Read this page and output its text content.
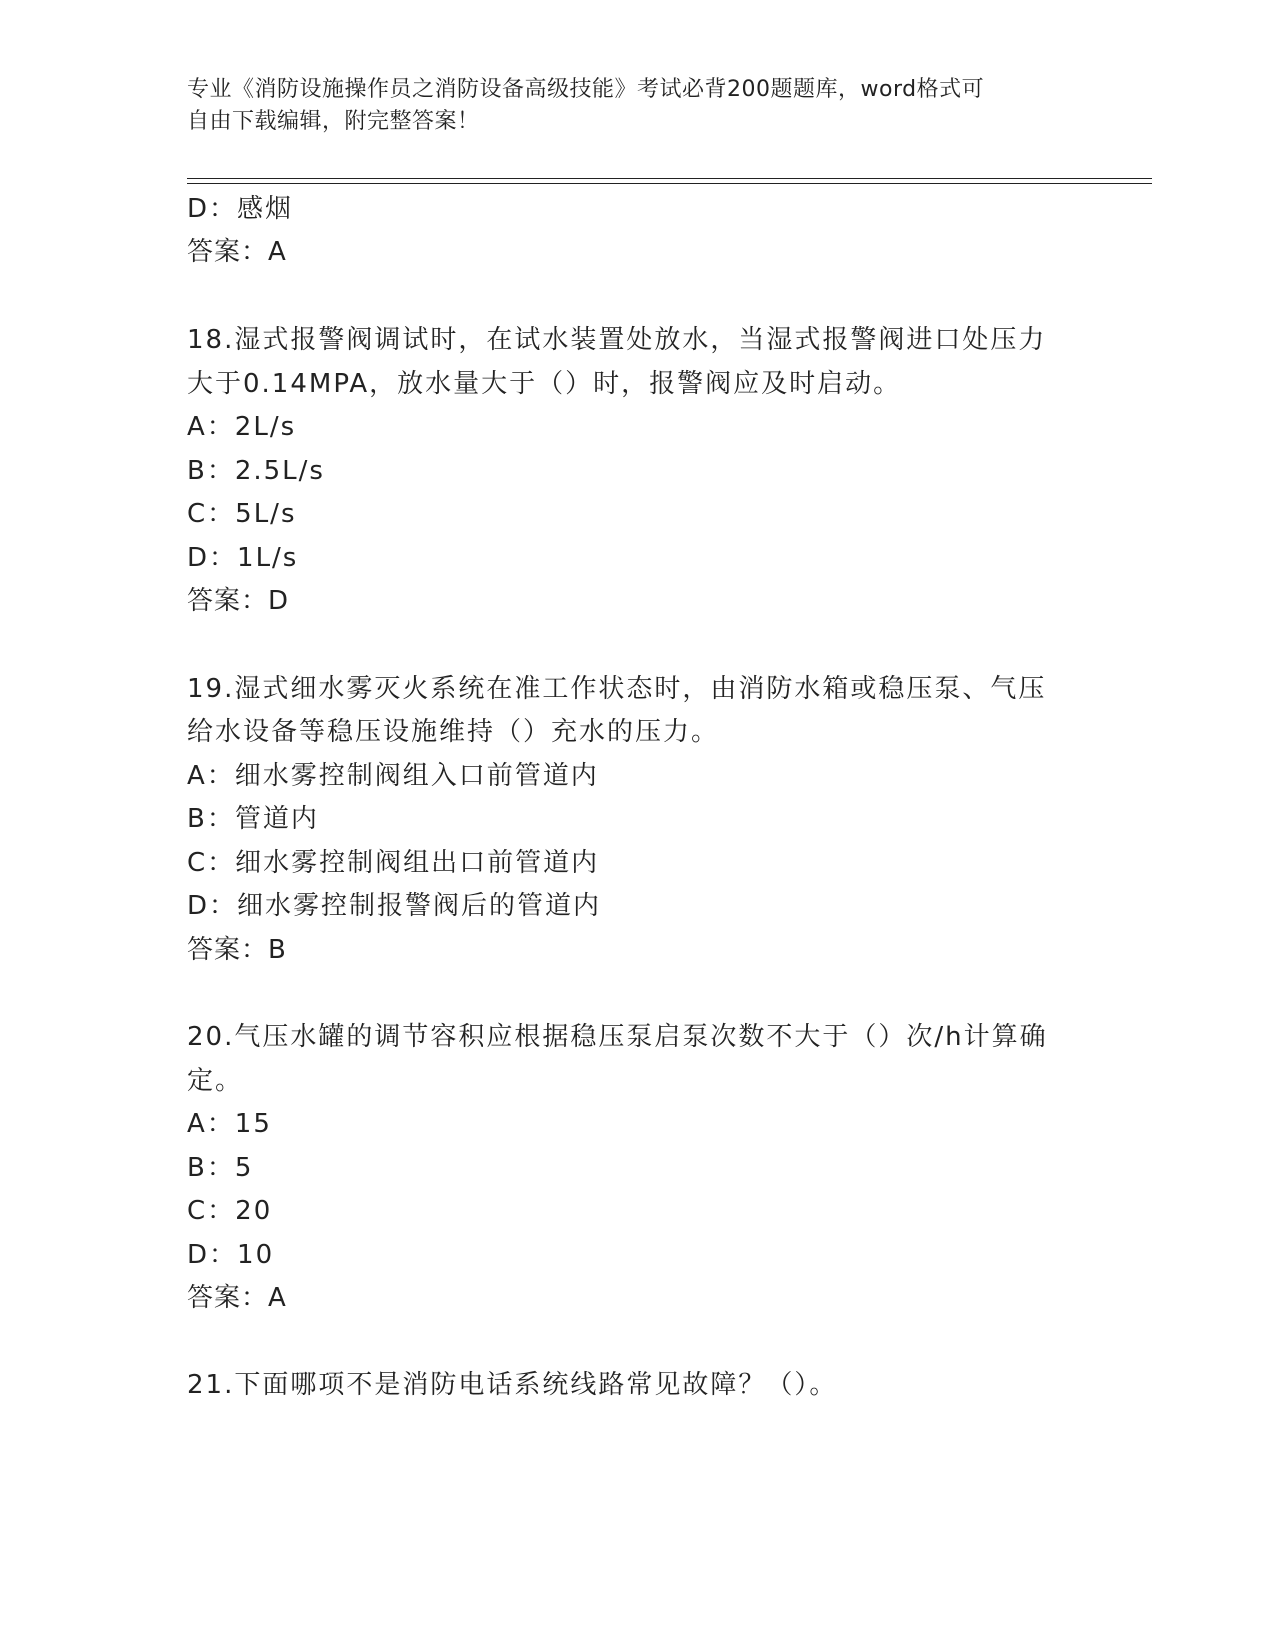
专业《消防设施操作员之消防设备高级技能》考试必背200题题库，word格式可
自由下载编辑，附完整答案！
D：感烟
答案：A
18.湿式报警阀调试时，在试水装置处放水，当湿式报警阀进口处压力
大于0.14MPA，放水量大于（）时，报警阀应及时启动。
A：2L/s
B：2.5L/s
C：5L/s
D：1L/s
答案：D
19.湿式细水雾灭火系统在准工作状态时，由消防水箱或稳压泵、气压
给水设备等稳压设施维持（）充水的压力。
A：细水雾控制阀组入口前管道内
B：管道内
C：细水雾控制阀组出口前管道内
D：细水雾控制报警阀后的管道内
答案：B
20.气压水罐的调节容积应根据稳压泵启泵次数不大于（）次/h计算确
定。
A：15
B：5
C：20
D：10
答案：A
21.下面哪项不是消防电话系统线路常见故障？（）。
